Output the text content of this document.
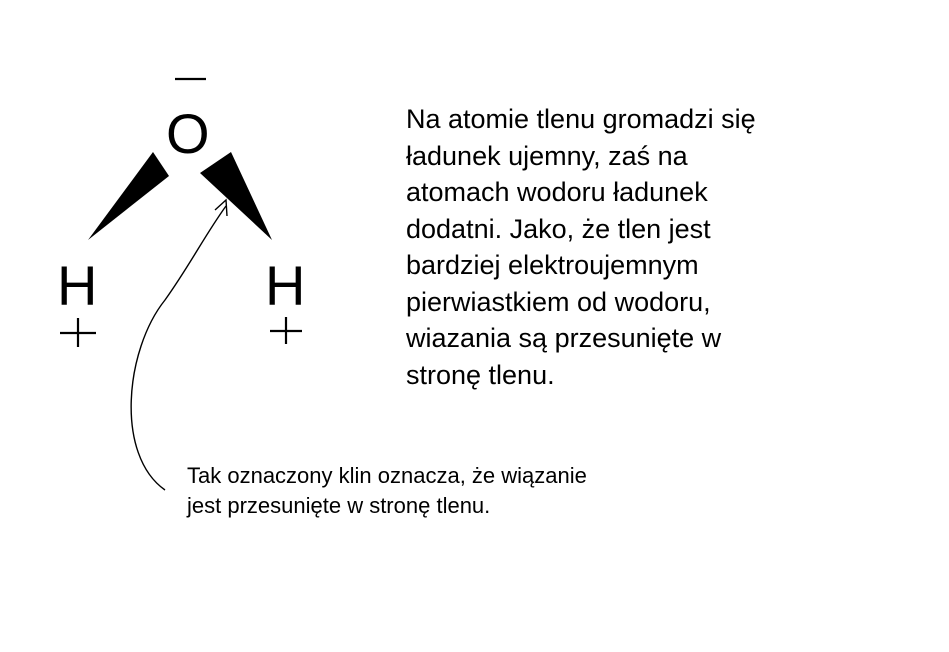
O
H	H
Na atomie tlenu gromadzi się
ładunek ujemny, zaś na
atomach wodoru ładunek
dodatni. Jako, że tlen jest
bardziej elektroujemnym
pierwiastkiem od wodoru,
wiazania są przesunięte w
stronę tlenu.
Tak oznaczony klin oznacza, że wiązanie
jest przesunięte w stronę tlenu.
